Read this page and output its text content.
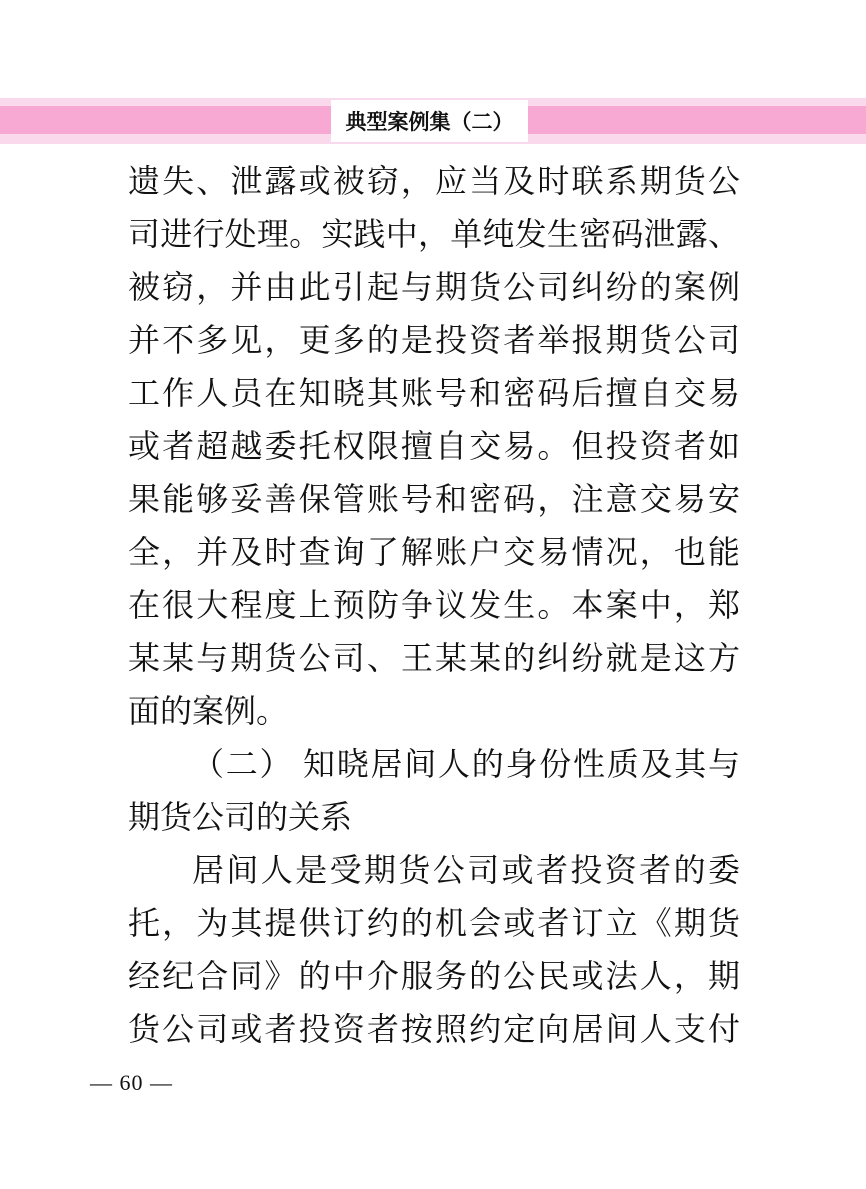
典型案例集（二）
遗失、泄露或被窃，应当及时联系期货公
司进行处理。实践中，单纯发生密码泄露、
被窃，并由此引起与期货公司纠纷的案例
并不多见，更多的是投资者举报期货公司
工作人员在知晓其账号和密码后擅自交易
或者超越委托权限擅自交易。但投资者如
果能够妥善保管账号和密码，注意交易安
全，并及时查询了解账户交易情况，也能
在很大程度上预防争议发生。本案中，郑
某某与期货公司、王某某的纠纷就是这方
面的案例。
（二） 知晓居间人的身份性质及其与
期货公司的关系
居间人是受期货公司或者投资者的委
托，为其提供订约的机会或者订立《期货
经纪合同》的中介服务的公民或法人，期
货公司或者投资者按照约定向居间人支付
— 60 —
